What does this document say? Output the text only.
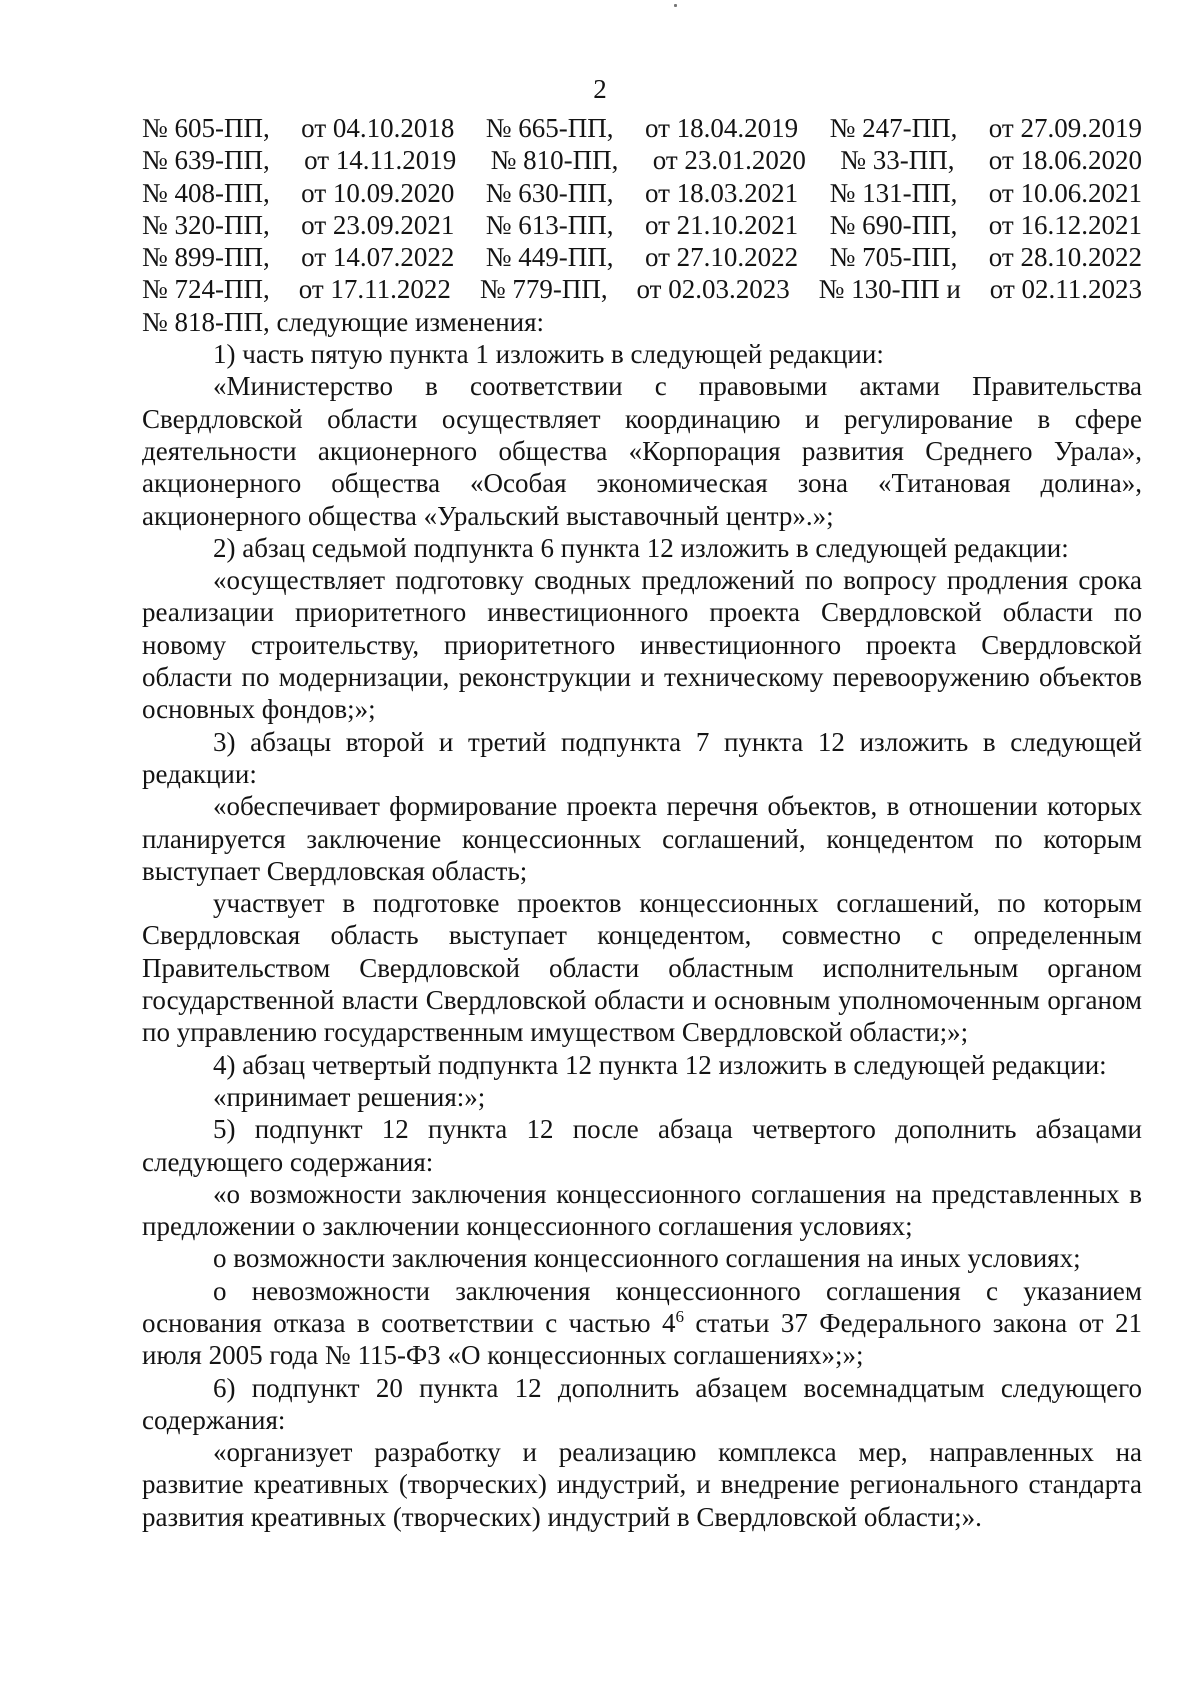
2
№ 605-ПП, от 04.10.2018 № 665-ПП, от 18.04.2019 № 247-ПП, от 27.09.2019
№ 639-ПП, от 14.11.2019 № 810-ПП, от 23.01.2020 № 33-ПП, от 18.06.2020
№ 408-ПП, от 10.09.2020 № 630-ПП, от 18.03.2021 № 131-ПП, от 10.06.2021
№ 320-ПП, от 23.09.2021 № 613-ПП, от 21.10.2021 № 690-ПП, от 16.12.2021
№ 899-ПП, от 14.07.2022 № 449-ПП, от 27.10.2022 № 705-ПП, от 28.10.2022
№ 724-ПП, от 17.11.2022 № 779-ПП, от 02.03.2023 № 130-ПП и от 02.11.2023

№ 818-ПП, следующие изменения:

1) часть пятую пункта 1 изложить в следующей редакции:

«Министерство в соответствии с правовыми актами Правительства Свердловской области осуществляет координацию и регулирование в сфере деятельности акционерного общества «Корпорация развития Среднего Урала», акционерного общества «Особая экономическая зона «Титановая долина», акционерного общества «Уральский выставочный центр».»;

2) абзац седьмой подпункта 6 пункта 12 изложить в следующей редакции:

«осуществляет подготовку сводных предложений по вопросу продления срока реализации приоритетного инвестиционного проекта Свердловской области по новому строительству, приоритетного инвестиционного проекта Свердловской области по модернизации, реконструкции и техническому перевооружению объектов основных фондов;»;

3) абзацы второй и третий подпункта 7 пункта 12 изложить в следующей редакции:

«обеспечивает формирование проекта перечня объектов, в отношении которых планируется заключение концессионных соглашений, концедентом по которым выступает Свердловская область;

участвует в подготовке проектов концессионных соглашений, по которым Свердловская область выступает концедентом, совместно с определенным Правительством Свердловской области областным исполнительным органом государственной власти Свердловской области и основным уполномоченным органом по управлению государственным имуществом Свердловской области;»;

4) абзац четвертый подпункта 12 пункта 12 изложить в следующей редакции:

«принимает решения:»;

5) подпункт 12 пункта 12 после абзаца четвертого дополнить абзацами следующего содержания:

«о возможности заключения концессионного соглашения на представленных в предложении о заключении концессионного соглашения условиях;

о возможности заключения концессионного соглашения на иных условиях;

о невозможности заключения концессионного соглашения с указанием основания отказа в соответствии с частью $4^6$ статьи 37 Федерального закона от 21 июля 2005 года № 115-ФЗ «О концессионных соглашениях»;»;

6) подпункт 20 пункта 12 дополнить абзацем восемнадцатым следующего содержания:

«организует разработку и реализацию комплекса мер, направленных на развитие креативных (творческих) индустрий, и внедрение регионального стандарта развития креативных (творческих) индустрий в Свердловской области;».
